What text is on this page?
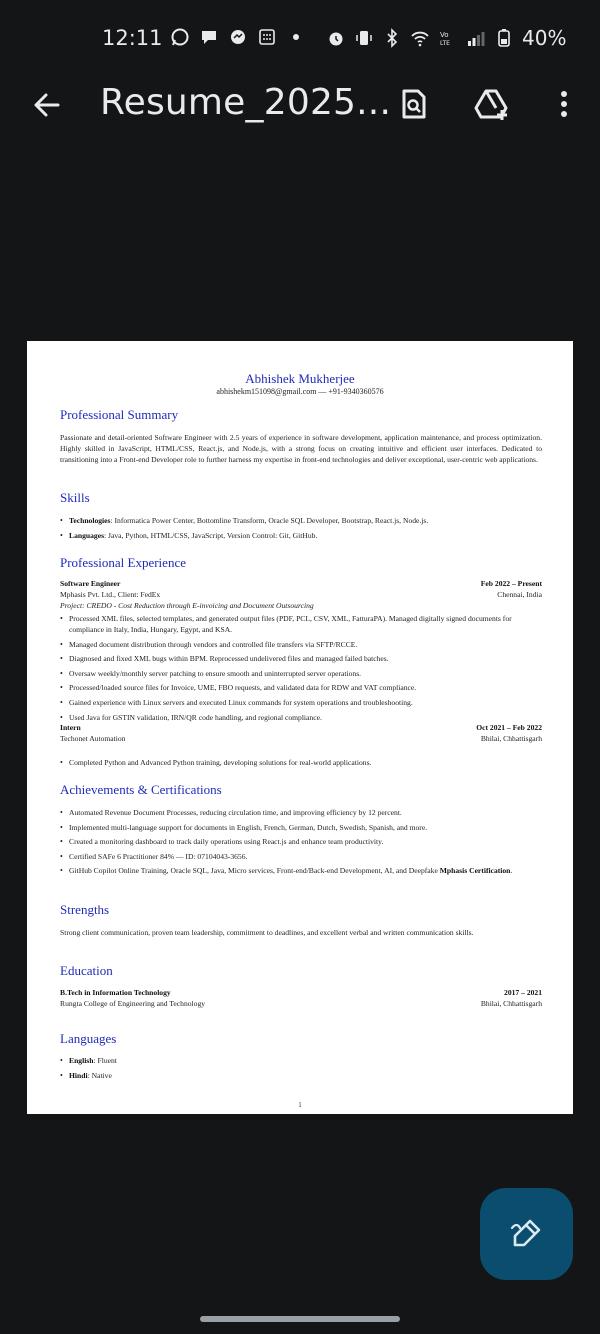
12:11	Vo
LTE	40%
Resume_2025...
Abhishek Mukherjee
abhishekm151098@gmail.com — +91-9340360576
Professional Summary
Passionate and detail-oriented Software Engineer with 2.5 years of experience in software development, application maintenance, and process optimization. Highly skilled in JavaScript, HTML/CSS, React.js, and Node.js, with a strong focus on creating intuitive and efficient user interfaces. Dedicated to transitioning into a Front-end Developer role to further harness my expertise in front-end technologies and deliver exceptional, user-centric web applications.
Skills
• Technologies: Informatica Power Center, Bottomline Transform, Oracle SQL Developer, Bootstrap, React.js, Node.js.
• Languages: Java, Python, HTML/CSS, JavaScript, Version Control: Git, GitHub.
Professional Experience
Software Engineer	Feb 2022 – Present
Mphasis Pvt. Ltd., Client: FedEx	Chennai, India
Project: CREDO - Cost Reduction through E-invoicing and Document Outsourcing
• Processed XML files, selected templates, and generated output files (PDF, PCL, CSV, XML, FatturaPA). Managed digitally signed documents for compliance in Italy, India, Hungary, Egypt, and KSA.
• Managed document distribution through vendors and controlled file transfers via SFTP/RCCE.
• Diagnosed and fixed XML bugs within BPM. Reprocessed undelivered files and managed failed batches.
• Oversaw weekly/monthly server patching to ensure smooth and uninterrupted server operations.
• Processed/loaded source files for Invoice, UME, FBO requests, and validated data for RDW and VAT compliance.
• Gained experience with Linux servers and executed Linux commands for system operations and troubleshooting.
• Used Java for GSTIN validation, IRN/QR code handling, and regional compliance.
Intern	Oct 2021 – Feb 2022
Techonet Automation	Bhilai, Chhattisgarh
• Completed Python and Advanced Python training, developing solutions for real-world applications.
Achievements & Certifications
• Automated Revenue Document Processes, reducing circulation time, and improving efficiency by 12 percent.
• Implemented multi-language support for documents in English, French, German, Dutch, Swedish, Spanish, and more.
• Created a monitoring dashboard to track daily operations using React.js and enhance team productivity.
• Certified SAFe 6 Practitioner 84% — ID: 07104043-3656.
• GitHub Copilot Online Training, Oracle SQL, Java, Micro services, Front-end/Back-end Development, AI, and Deepfake Mphasis Certification.
Strengths
Strong client communication, proven team leadership, commitment to deadlines, and excellent verbal and written communication skills.
Education
B.Tech in Information Technology	2017 – 2021
Rungta College of Engineering and Technology	Bhilai, Chhattisgarh
Languages
• English: Fluent
• Hindi: Native
1
